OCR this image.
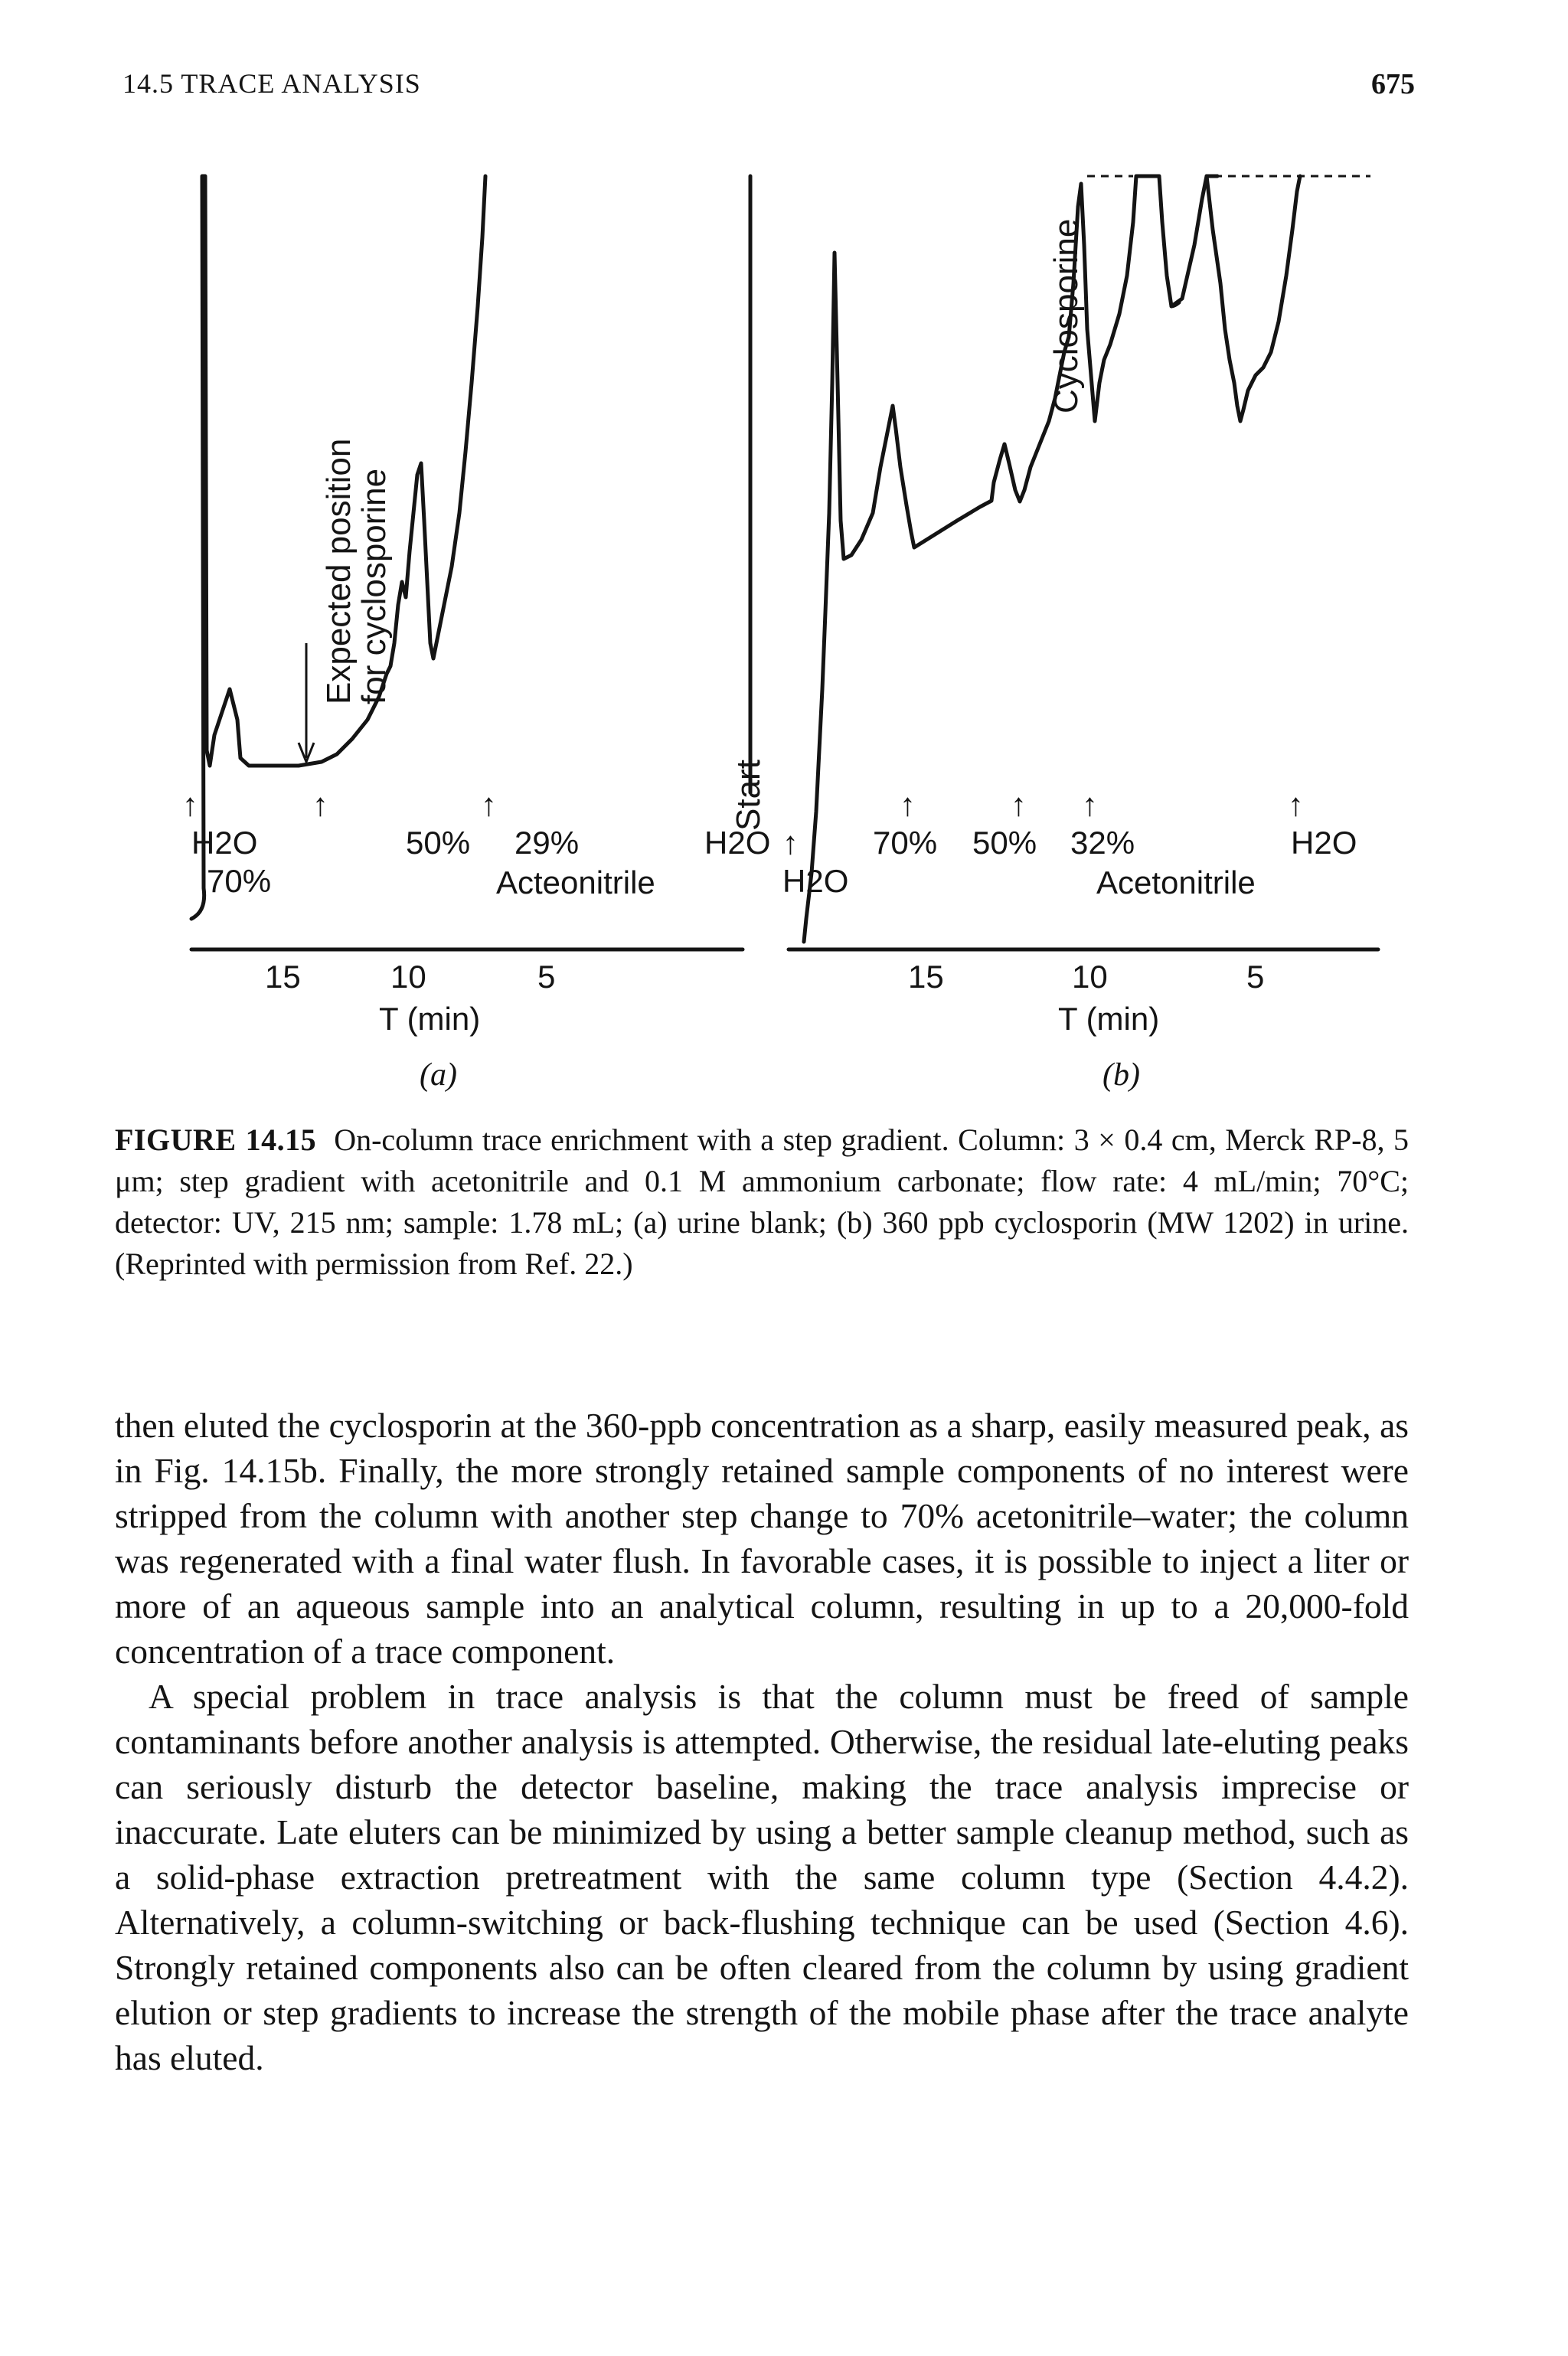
14.5 TRACE ANALYSIS	675
Expected position
for cyclosporine
Start
Cyclosporine
↑
H2O
70%
↑
50%
↑
29%
Acteonitrile
15	10	5
T (min)
(a)
H2O ↑
H2O
↑
70%
↑
50%
↑
32%
↑
H2O
Acetonitrile
15	10	5
T (min)
(b)
FIGURE 14.15 On-column trace enrichment with a step gradient. Column: 3 × 0.4 cm, Merck RP-8, 5 μm; step gradient with acetonitrile and 0.1 M ammonium carbonate; flow rate: 4 mL/min; 70°C; detector: UV, 215 nm; sample: 1.78 mL; (a) urine blank; (b) 360 ppb cyclosporin (MW 1202) in urine. (Reprinted with permission from Ref. 22.)

then eluted the cyclosporin at the 360-ppb concentration as a sharp, easily measured peak, as in Fig. 14.15b. Finally, the more strongly retained sample components of no interest were stripped from the column with another step change to 70% acetonitrile–water; the column was regenerated with a final water flush. In favorable cases, it is possible to inject a liter or more of an aqueous sample into an analytical column, resulting in up to a 20,000-fold concentration of a trace component.

A special problem in trace analysis is that the column must be freed of sample contaminants before another analysis is attempted. Otherwise, the residual late-eluting peaks can seriously disturb the detector baseline, making the trace analysis imprecise or inaccurate. Late eluters can be minimized by using a better sample cleanup method, such as a solid-phase extraction pretreatment with the same column type (Section 4.4.2). Alternatively, a column-switching or back-flushing technique can be used (Section 4.6). Strongly retained components also can be often cleared from the column by using gradient elution or step gradients to increase the strength of the mobile phase after the trace analyte has eluted.
